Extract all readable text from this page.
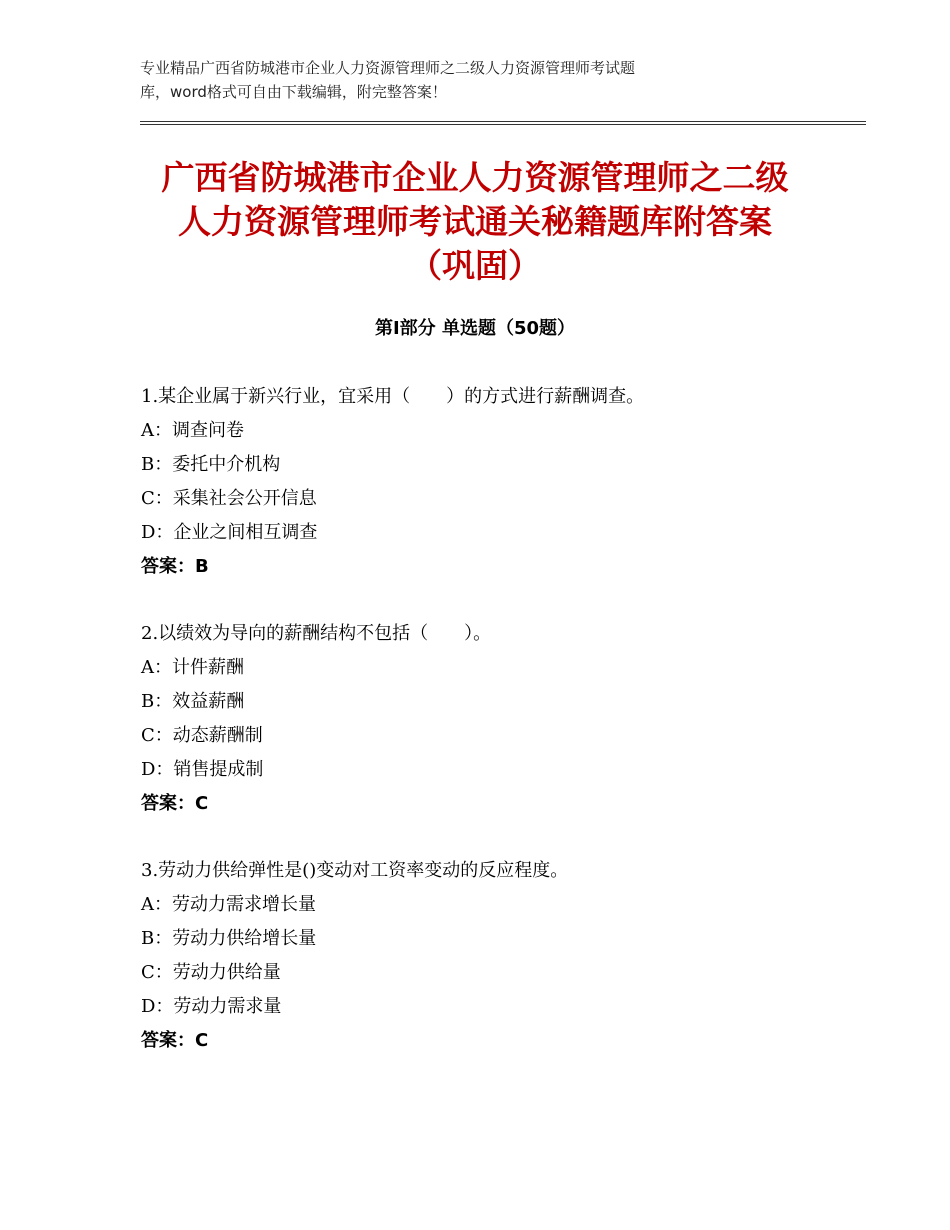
专业精品广西省防城港市企业人力资源管理师之二级人力资源管理师考试题
库，word格式可自由下载编辑，附完整答案！
广西省防城港市企业人力资源管理师之二级
人力资源管理师考试通关秘籍题库附答案
（巩固）
第Ⅰ部分 单选题（50题）
1.某企业属于新兴行业，宜采用（　　）的方式进行薪酬调查。
A：调查问卷
B：委托中介机构
C：采集社会公开信息
D：企业之间相互调查
答案：B
2.以绩效为导向的薪酬结构不包括（　　）。
A：计件薪酬
B：效益薪酬
C：动态薪酬制
D：销售提成制
答案：C
3.劳动力供给弹性是()变动对工资率变动的反应程度。
A：劳动力需求增长量
B：劳动力供给增长量
C：劳动力供给量
D：劳动力需求量
答案：C
